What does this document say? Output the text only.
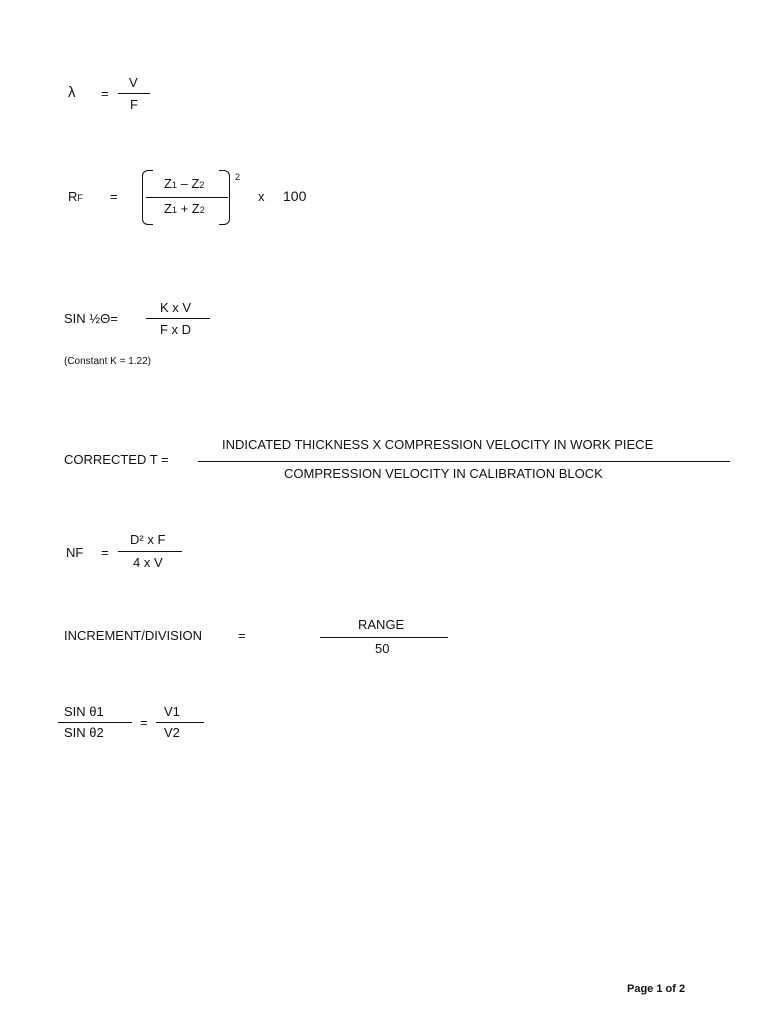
λ =
V
F
RF =
Z1 – Z2
Z1 + Z2
2
x 100
SIN ½Θ=
K x V
F x D
(Constant K = 1.22)
CORRECTED T =
INDICATED THICKNESS X COMPRESSION VELOCITY IN WORK PIECE
COMPRESSION VELOCITY IN CALIBRATION BLOCK
NF =
D² x F
4 x V
INCREMENT/DIVISION	=
RANGE
50
SIN θ1
SIN θ2
=
V1
V2
Page 1 of 2
